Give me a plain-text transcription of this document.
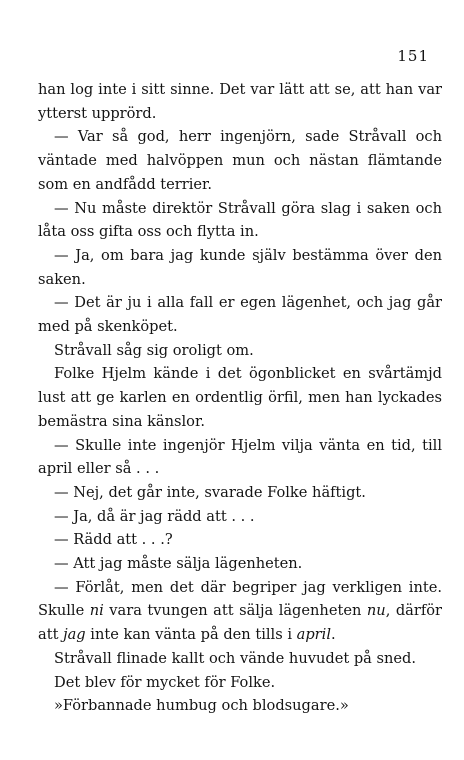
151

han log inte i sitt sinne. Det var lätt att se, att han var ytterst upprörd.

— Var så god, herr ingenjörn, sade Stråvall och väntade med halvöppen mun och nästan flämtande som en andfådd terrier.

— Nu måste direktör Stråvall göra slag i saken och låta oss gifta oss och flytta in.

— Ja, om bara jag kunde själv bestämma över den saken.

— Det är ju i alla fall er egen lägenhet, och jag går med på skenköpet.

Stråvall såg sig oroligt om.

Folke Hjelm kände i det ögonblicket en svårtämjd lust att ge karlen en ordentlig örfil, men han lyckades bemästra sina känslor.

— Skulle inte ingenjör Hjelm vilja vänta en tid, till april eller så . . .

— Nej, det går inte, svarade Folke häftigt.

— Ja, då är jag rädd att . . .

— Rädd att . . .?

— Att jag måste sälja lägenheten.

— Förlåt, men det där begriper jag verkligen inte. Skulle ni vara tvungen att sälja lägenheten nu, därför att jag inte kan vänta på den tills i april.

Stråvall flinade kallt och vände huvudet på sned.

Det blev för mycket för Folke.

»Förbannade humbug och blodsugare.»
